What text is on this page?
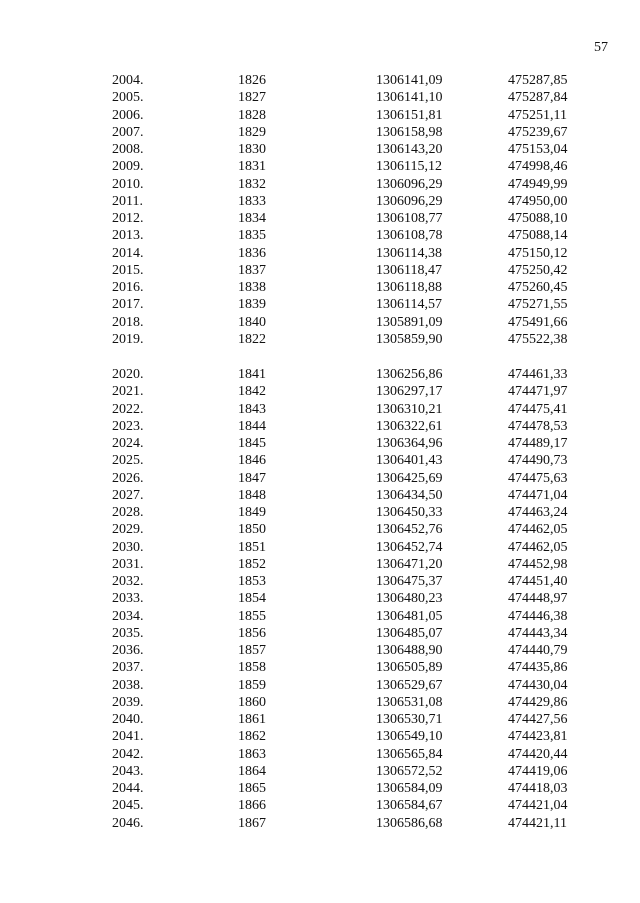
57
2004.	1826	1306141,09	475287,85
2005.	1827	1306141,10	475287,84
2006.	1828	1306151,81	475251,11
2007.	1829	1306158,98	475239,67
2008.	1830	1306143,20	475153,04
2009.	1831	1306115,12	474998,46
2010.	1832	1306096,29	474949,99
2011.	1833	1306096,29	474950,00
2012.	1834	1306108,77	475088,10
2013.	1835	1306108,78	475088,14
2014.	1836	1306114,38	475150,12
2015.	1837	1306118,47	475250,42
2016.	1838	1306118,88	475260,45
2017.	1839	1306114,57	475271,55
2018.	1840	1305891,09	475491,66
2019.	1822	1305859,90	475522,38
2020.	1841	1306256,86	474461,33
2021.	1842	1306297,17	474471,97
2022.	1843	1306310,21	474475,41
2023.	1844	1306322,61	474478,53
2024.	1845	1306364,96	474489,17
2025.	1846	1306401,43	474490,73
2026.	1847	1306425,69	474475,63
2027.	1848	1306434,50	474471,04
2028.	1849	1306450,33	474463,24
2029.	1850	1306452,76	474462,05
2030.	1851	1306452,74	474462,05
2031.	1852	1306471,20	474452,98
2032.	1853	1306475,37	474451,40
2033.	1854	1306480,23	474448,97
2034.	1855	1306481,05	474446,38
2035.	1856	1306485,07	474443,34
2036.	1857	1306488,90	474440,79
2037.	1858	1306505,89	474435,86
2038.	1859	1306529,67	474430,04
2039.	1860	1306531,08	474429,86
2040.	1861	1306530,71	474427,56
2041.	1862	1306549,10	474423,81
2042.	1863	1306565,84	474420,44
2043.	1864	1306572,52	474419,06
2044.	1865	1306584,09	474418,03
2045.	1866	1306584,67	474421,04
2046.	1867	1306586,68	474421,11
